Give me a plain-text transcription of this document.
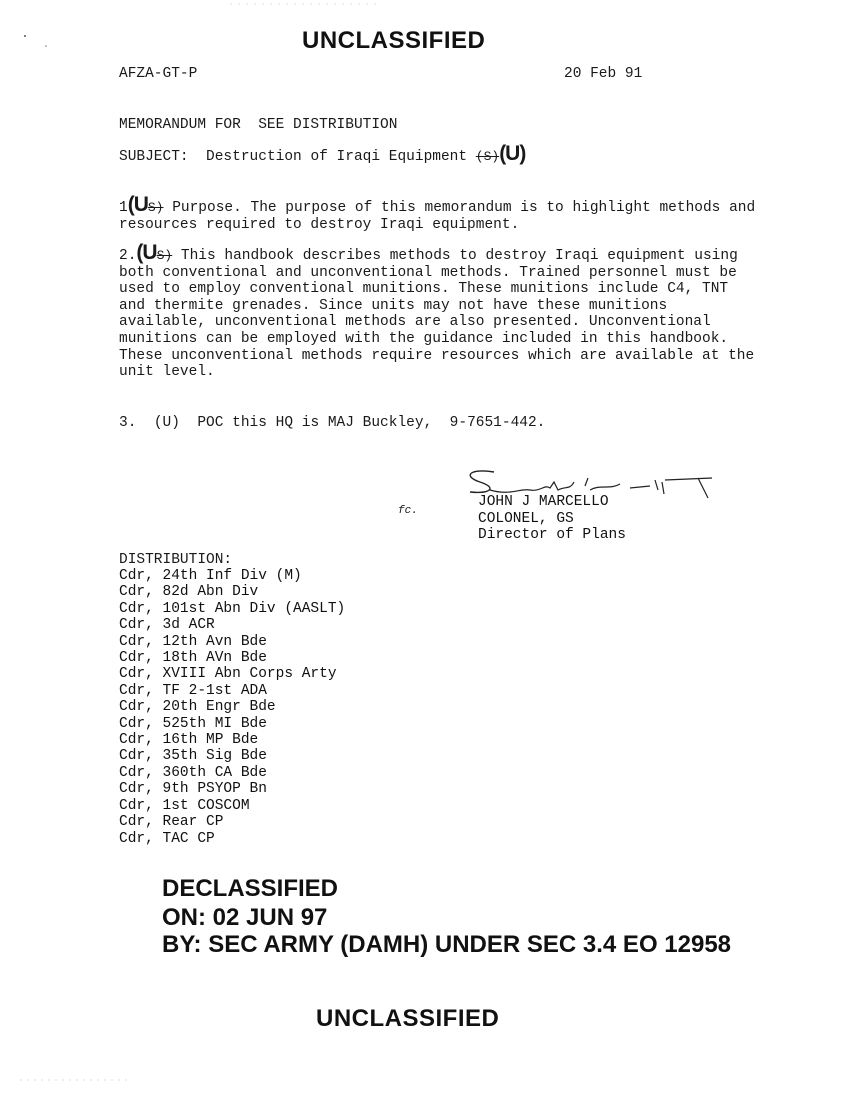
UNCLASSIFIED
AFZA-GT-P	20 Feb 91
MEMORANDUM FOR  SEE DISTRIBUTION
SUBJECT: Destruction of Iraqi Equipment (S)(U)
1(US) Purpose. The purpose of this memorandum is to highlight methods and resources required to destroy Iraqi equipment.
2.(US) This handbook describes methods to destroy Iraqi equipment using both conventional and unconventional methods. Trained personnel must be used to employ conventional munitions. These munitions include C4, TNT and thermite grenades. Since units may not have these munitions available, unconventional methods are also presented. Unconventional munitions can be employed with the guidance included in this handbook. These unconventional methods require resources which are available at the unit level.
3. (U) POC this HQ is MAJ Buckley,  9-7651-442.
fc.
JOHN J MARCELLO
COLONEL, GS
Director of Plans
DISTRIBUTION:
Cdr, 24th Inf Div (M)
Cdr, 82d Abn Div
Cdr, 101st Abn Div (AASLT)
Cdr, 3d ACR
Cdr, 12th Avn Bde
Cdr, 18th AVn Bde
Cdr, XVIII Abn Corps Arty
Cdr, TF 2-1st ADA
Cdr, 20th Engr Bde
Cdr, 525th MI Bde
Cdr, 16th MP Bde
Cdr, 35th Sig Bde
Cdr, 360th CA Bde
Cdr, 9th PSYOP Bn
Cdr, 1st COSCOM
Cdr, Rear CP
Cdr, TAC CP
DECLASSIFIED
ON: 02 JUN 97
BY: SEC ARMY (DAMH) UNDER SEC 3.4 EO 12958
UNCLASSIFIED
